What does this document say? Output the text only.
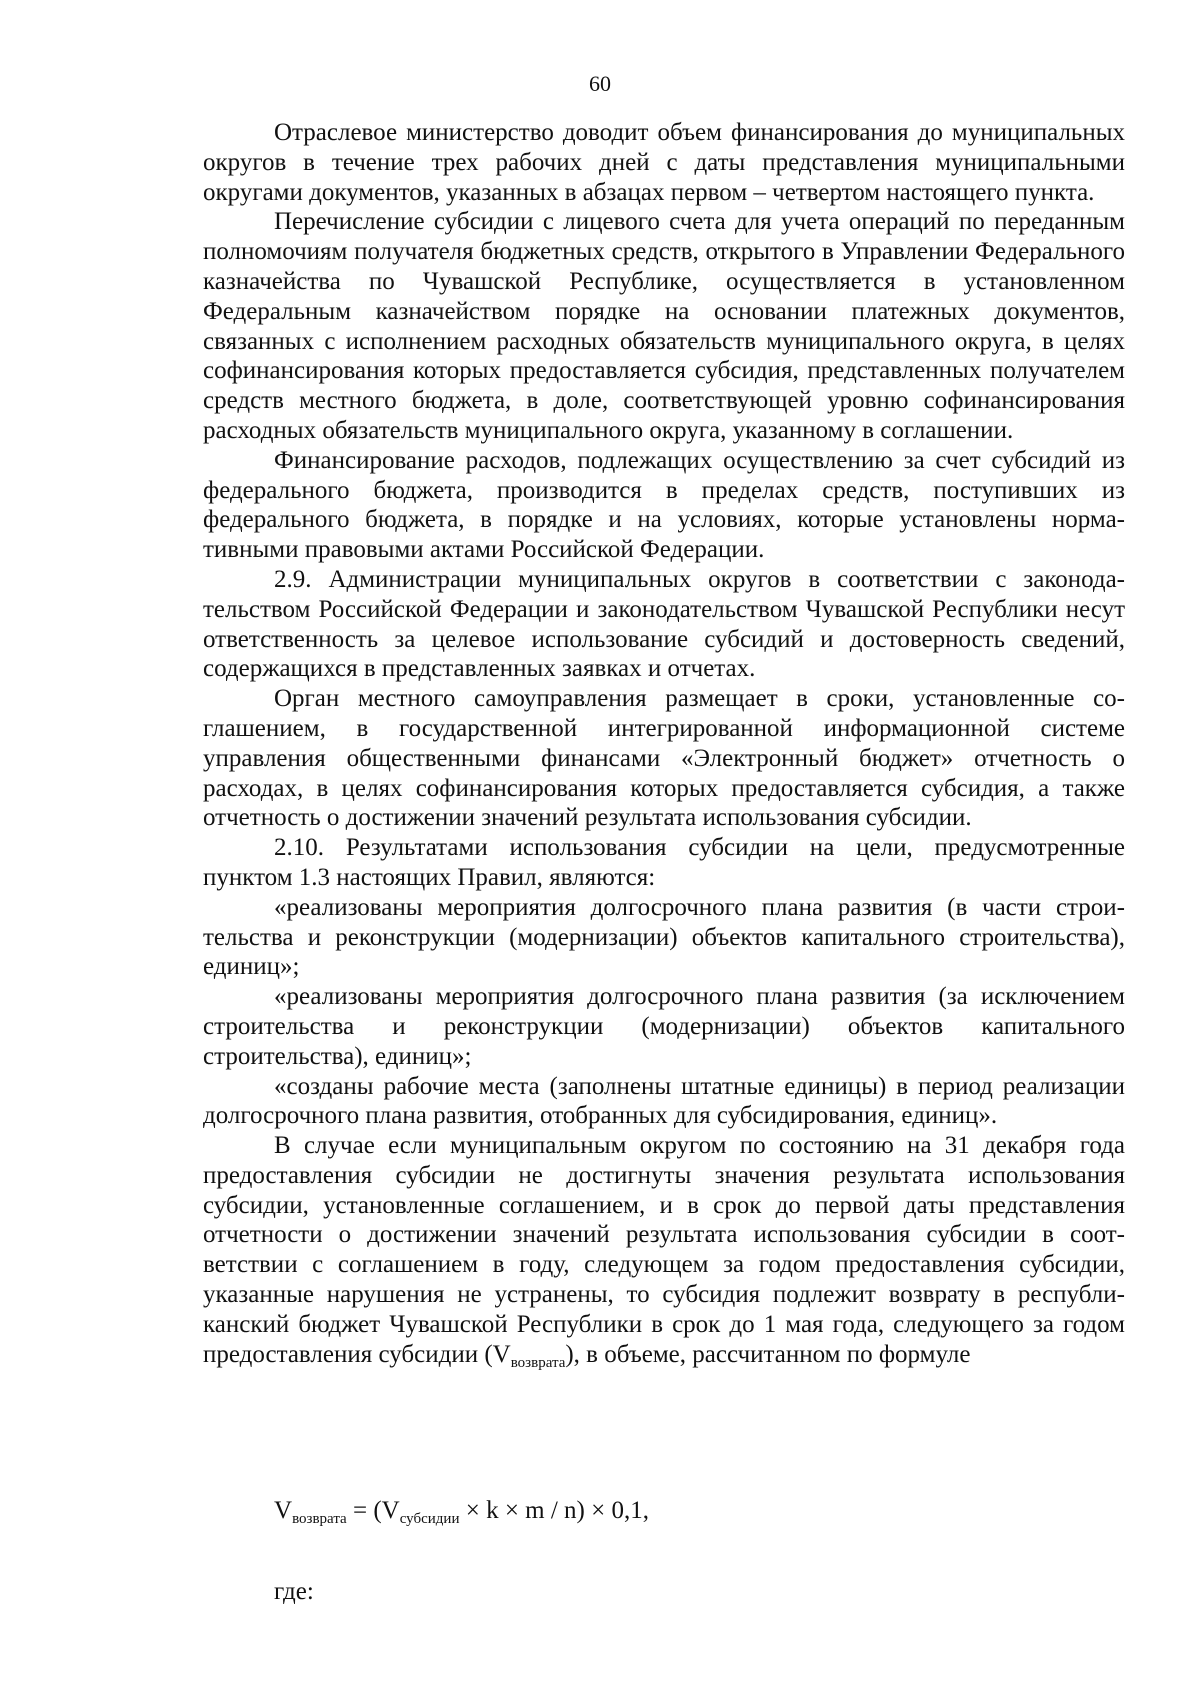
60

Отраслевое министерство доводит объем финансирования до муниципальных округов в течение трех рабочих дней с даты представления муниципальными округами документов, указанных в абзацах первом – четвертом настоящего пункта.

Перечисление субсидии с лицевого счета для учета операций по переданным полномочиям получателя бюджетных средств, открытого в Управлении Федерального казначейства по Чувашской Республике, осуществляется в установленном Федеральным казначейством порядке на основании платежных документов, связанных с исполнением расходных обязательств муниципального округа, в целях софинансирования которых предоставляется субсидия, представленных получателем средств местного бюджета, в доле, соответствующей уровню софинансирования расходных обязательств муниципального округа, указанному в соглашении.

Финансирование расходов, подлежащих осуществлению за счет субсидий из федерального бюджета, производится в пределах средств, поступивших из федерального бюджета, в порядке и на условиях, которые установлены нормативными правовыми актами Российской Федерации.

2.9. Администрации муниципальных округов в соответствии с законодательством Российской Федерации и законодательством Чувашской Республики несут ответственность за целевое использование субсидий и достоверность сведений, содержащихся в представленных заявках и отчетах.

Орган местного самоуправления размещает в сроки, установленные соглашением, в государственной интегрированной информационной системе управления общественными финансами «Электронный бюджет» отчетность о расходах, в целях софинансирования которых предоставляется субсидия, а также отчетность о достижении значений результата использования субсидии.

2.10. Результатами использования субсидии на цели, предусмотренные пунктом 1.3 настоящих Правил, являются:

«реализованы мероприятия долгосрочного плана развития (в части строительства и реконструкции (модернизации) объектов капитального строительства), единиц»;

«реализованы мероприятия долгосрочного плана развития (за исключением строительства и реконструкции (модернизации) объектов капитального строительства), единиц»;

«созданы рабочие места (заполнены штатные единицы) в период реализации долгосрочного плана развития, отобранных для субсидирования, единиц».

В случае если муниципальным округом по состоянию на 31 декабря года предоставления субсидии не достигнуты значения результата использования субсидии, установленные соглашением, и в срок до первой даты представления отчетности о достижении значений результата использования субсидии в соответствии с соглашением в году, следующем за годом предоставления субсидии, указанные нарушения не устранены, то субсидия подлежит возврату в республиканский бюджет Чувашской Республики в срок до 1 мая года, следующего за годом предоставления субсидии $(V_{возврата})$, в объеме, рассчитанном по формуле

$V_{возврата} = (V_{субсидии} \times k \times m / n) \times 0,1$,
где:
